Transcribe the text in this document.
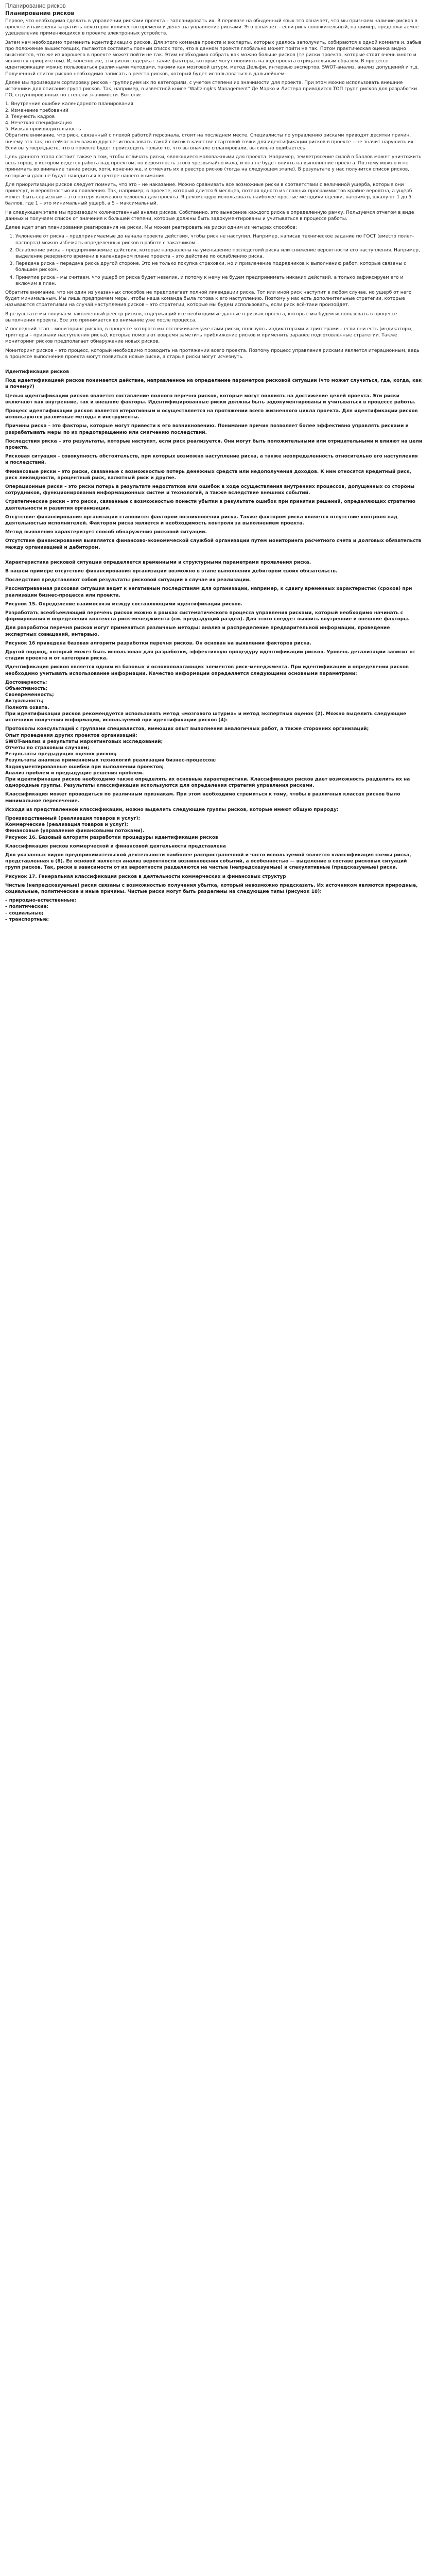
Планирование рисков
Планирование рисков

Первое, что необходимо сделать в управлении рисками проекта – запланировать их. В перевозе на обыденный язык это означает, что мы признаем наличие рисков в проекте и намерены затратить некоторое количество времени и денег на управление рисками. Это означает – если риск положительный, например, предполагаемое удешевление применяющихся в проекте электронных устройств.

Затем нам необходимо применить идентификацию рисков. Для этого команда проекта и эксперты, которых удалось заполучить, собираются в одной комнате и, забыв про положение вышестоящих, пытаются составить полный список того, что в данном проекте глобально может пойти не так. Потом практическая оценка видно выясняется, что же из хорошего в проекте может пойти не так. Этим необходимо собрать как можно больше рисков (те риски проекта, которые стоят очень много и являются приоритетом). И, конечно же, эти риски содержат такие факторы, которые могут повлиять на ход проекта отрицательным образом. В процессе идентификации можно пользоваться различными методами, такими как мозговой штурм, метод Дельфи, интервью экспертов, SWOT-анализ, анализ допущений и т.д. Полученный список рисков необходимо записать в реестр рисков, который будет использоваться в дальнейшем.

Далее мы производим сортировку рисков - группируем их по категориям, с учетом степени их значимости для проекта. При этом можно использовать внешние источники для описания групп рисков. Так, например, в известной книге "Waltzingk's Management" Де Марко и Листера приводится ТОП групп рисков для разработки ПО, сгруппированных по степени значимости. Вот они:

1. Внутренние ошибки календарного планирования
2. Изменение требований
3. Текучесть кадров
4. Нечеткая спецификация
5. Низкая производительность

Обратите внимание, что риск, связанный с плохой работой персонала, стоит на последнем месте. Специалисты по управлению рисками приводят десятки причин, почему это так, но сейчас нам важно другое: использовать такой список в качестве стартовой точки для идентификации рисков в проекте – не значит нарушить их. Если вы утверждаете, что в проекте будет происходить только то, что вы вначале спланировали, вы сильно ошибаетесь.

Цель данного этапа состоит также в том, чтобы отличать риски, являющиеся маловажными для проекта. Например, землетрясение силой в баллов может уничтожить весь город, в котором ведется работа над проектом, но вероятность этого чрезвычайно мала, и она не будет влиять на выполнение проекта. Поэтому можно и не принимать во внимание такие риски, хотя, конечно же, и отмечать их в реестре рисков (тогда на следующем этапе). В результате у нас получится список рисков, которые и дальше будут находиться в центре нашего внимания.

Для приоритизации рисков следует помнить, что это – не наказание. Можно сравнивать все возможные риски в соответствии с величиной ущерба, которые они принесут, и вероятностью их появления. Так, например, в проекте, который длится 6 месяцев, потеря одного из главных программистов крайне вероятна, а ущерб может быть серьезным – это потеря ключевого человека для проекта. Я рекомендую использовать наиболее простые методики оценки, например, шкалу от 1 до 5 баллов, где 1 – это минимальный ущерб, а 5 – максимальный.

На следующем этапе мы производим количественный анализ рисков. Собственно, это вынесение каждого риска в определенную рамку. Пользуемся отчетом в виде данных и получаем список от значения к большей степени, которые должны быть задокументированы и учитываться в процессе работы.

Далее идет этап планирования реагирования на риски. Мы можем реагировать на риски одним из четырех способов:

1. Уклонение от риска – предпринимаемые до начала проекта действия, чтобы риск не наступил. Например, написав техническое задание по ГОСТ (вместо полет-паспорта) можно избежать определенных рисков в работе с заказчиком.
2. Ослабление риска – предпринимаемые действия, которые направлены на уменьшение последствий риска или снижение вероятности его наступления. Например, выделение резервного времени в календарном плане проекта – это действие по ослаблению риска.
3. Передача риска – передача риска другой стороне. Это не только покупка страховки, но и привлечение подрядчиков к выполнению работ, которые связаны с большим риском.
4. Принятие риска – мы считаем, что ущерб от риска будет невелик, и потому к нему не будем предпринимать никаких действий, а только зафиксируем его и включим в план.

Обратите внимание, что ни один из указанных способов не предполагает полной ликвидации риска. Тот или иной риск наступит в любом случае, но ущерб от него будет минимальным. Мы лишь предпримем меры, чтобы наша команда была готова к его наступлению. Поэтому у нас есть дополнительные стратегии, которые называются стратегиями на случай наступления рисков – это стратегии, которые мы будем использовать, если риск всё-таки произойдет.

В результате мы получаем законченный реестр рисков, содержащий все необходимые данные о рисках проекта, которые мы будем использовать в процессе выполнения проекта. Все это принимается во внимание уже после процесса.

И последний этап – мониторинг рисков, в процессе которого мы отслеживаем уже сами риски, пользуясь индикаторами и триггерами – если они есть (индикаторы, триггеры – признаки наступления риска), которые помогают вовремя заметить приближение рисков и применить заранее подготовленные стратегии. Также мониторинг рисков предполагает обнаружение новых рисков.

Мониторинг рисков – это процесс, который необходимо проводить на протяжении всего проекта. Поэтому процесс управления рисками является итерационным, ведь в процессе выполнения проекта могут появиться новые риски, а старые риски могут исчезнуть.

Идентификация рисков

Под идентификацией рисков понимается действие, направленное на определение параметров рисковой ситуации (что может случиться, где, когда, как и почему?)

Целью идентификации рисков является составление полного перечня рисков, которые могут повлиять на достижение целей проекта. Эти риски включают как внутренние, так и внешние факторы. Идентифицированные риски должны быть задокументированы и учитываться в процессе работы.

Процесс идентификации рисков является итеративным и осуществляется на протяжении всего жизненного цикла проекта. Для идентификации рисков используются различные методы и инструменты.

Причины риска – это факторы, которые могут привести к его возникновению. Понимание причин позволяет более эффективно управлять рисками и разрабатывать меры по их предотвращению или смягчению последствий.

Последствия риска – это результаты, которые наступят, если риск реализуется. Они могут быть положительными или отрицательными и влияют на цели проекта.

Рисковая ситуация – совокупность обстоятельств, при которых возможно наступление риска, а также неопределенность относительно его наступления и последствий.

Финансовые риски – это риски, связанные с возможностью потерь денежных средств или недополучения доходов. К ним относятся кредитный риск, риск ликвидности, процентный риск, валютный риск и другие.

Операционные риски – это риски потерь в результате недостатков или ошибок в ходе осуществления внутренних процессов, допущенных со стороны сотрудников, функционирования информационных систем и технологий, а также вследствие внешних событий.

Стратегические риски – это риски, связанные с возможностью понести убытки в результате ошибок при принятии решений, определяющих стратегию деятельности и развития организации.

Отсутствие финансирования организации становится фактором возникновения риска. Также фактором риска является отсутствие контроля над деятельностью исполнителей. Фактором риска является и необходимость контроля за выполнением проекта.

Метод выявления характеризует способ обнаружения рисковой ситуации.

Отсутствие финансирования выявляется финансово-экономической службой организации путем мониторинга расчетного счета и долговых обязательств между организацией и дебитором.

Характеристика рисковой ситуации определяется временными и структурными параметрами проявления риска.

В нашем примере отсутствие финансирования организации возможно в этапе выполнения дебитором своих обязательств.

Последствия представляют собой результаты рисковой ситуации в случае их реализации.

Рассматриваемая рисковая ситуация ведет к негативным последствиям для организации, например, к сдвигу временных характеристик (сроков) при реализации бизнес-процесса или проекта.

Рисунок 15. Определение взаимосвязи между составляющими идентификации рисков.

Разработать всеобъемлющий перечень рисков можно в рамках систематического процесса управления рисками, который необходимо начинать с формирования и определения контекста риск-менеджмента (см. предыдущий раздел). Для этого следует выявить внутренние и внешние факторы.

Для разработки перечня рисков могут применяться различные методы: анализ и распределение предварительной информации, проведение экспертных совещаний, интервью.

Рисунок 16 приведена базовая алгоритм разработки перечня рисков. Он основан на выявлении факторов риска.

Другой подход, который может быть использован для разработки, эффективную процедуру идентификации рисков. Уровень детализации зависит от стадии проекта и от категории риска.

Идентификация рисков является одним из базовых и основополагающих элементов риск-менеджмента. При идентификации и определении рисков необходимо учитывать использование информации. Качество информации определяется следующими основными параметрами:

Достоверность;
Объективность;
Своевременность;
Актуальность;
Полнота охвата.

При идентификации рисков рекомендуется использовать метод «мозгового штурма» и метод экспертных оценок (2). Можно выделить следующие источники получения информации, используемой при идентификации рисков (4):

Протоколы консультаций с группами специалистов, имеющих опыт выполнения аналогичных работ, а также сторонних организаций;
Опыт проведения других проектов организаций;
SWOT-анализ и результаты маркетинговых исследований;
Отчеты по страховым случаям;
Результаты предыдущих оценок рисков;
Результаты анализа применяемых технологий реализации бизнес-процессов;
Задокументированные ошибки при выполнении проектов;
Анализ проблем и предыдущие решения проблем.

При идентификации рисков необходимо также определять их основные характеристики. Классификация рисков дает возможность разделить их на однородные группы. Результаты классификации используются для определения стратегий управления рисками.

Классификация может проводиться по различным признакам. При этом необходимо стремиться к тому, чтобы в различных классах рисков было минимальное пересечение.

Исходя из представленной классификации, можно выделить следующие группы рисков, которые имеют общую природу:

Производственный (реализация товаров и услуг);
Коммерческие (реализация товаров и услуг);
Финансовые (управление финансовыми потоками).

Рисунок 16. Базовый алгоритм разработки процедуры идентификации рисков

Классификация рисков коммерческой и финансовой деятельности представлена

Для указанных видов предпринимательской деятельности наиболее распространенной и часто используемой является классификация схемы риска, представленная в (8). Ее основой является анализ вероятности возникновения событий, а особенностью — выделение в составе рисковых ситуаций групп рисков. Так, риски в зависимости от их вероятности разделяются на чистые (непредсказуемые) и спекулятивные (предсказуемые) риски.

Рисунок 17. Генеральная классификация рисков в деятельности коммерческих и финансовых структур

Чистые (непредсказуемые) риски связаны с возможностью получения убытка, который невозможно предсказать. Их источником являются природные, социальные, политические и иные причины. Чистые риски могут быть разделены на следующие типы (рисунок 18):

– природно-естественные;
– политические;
– социальные;
– транспортные;
